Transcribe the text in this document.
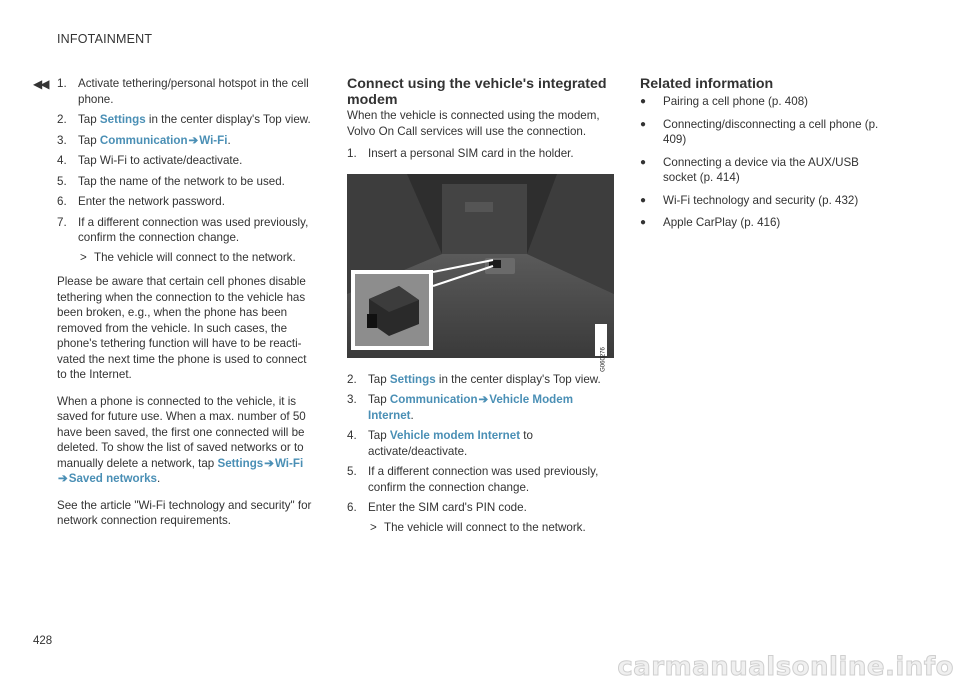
INFOTAINMENT
◀◀ 1. Activate tethering/personal hotspot in the cell phone.
2. Tap Settings in the center display's Top view.
3. Tap Communication➔Wi-Fi.
4. Tap Wi-Fi to activate/deactivate.
5. Tap the name of the network to be used.
6. Enter the network password.
7. If a different connection was used previously, confirm the connection change.
> The vehicle will connect to the network.

Please be aware that certain cell phones disable tethering when the connection to the vehicle has been broken, e.g., when the phone has been removed from the vehicle. In such cases, the phone's tethering function will have to be reacti-vated the next time the phone is used to connect to the Internet.

When a phone is connected to the vehicle, it is saved for future use. When a max. number of 50 have been saved, the first one connected will be deleted. To show the list of saved networks or to manually delete a network, tap Settings➔Wi-Fi
➔Saved networks.

See the article "Wi-Fi technology and security" for network connection requirements.

Connect using the vehicle's integrated modem

When the vehicle is connected using the modem, Volvo On Call services will use the connection.

1. Insert a personal SIM card in the holder.
G060276
2. Tap Settings in the center display's Top view.
3. Tap Communication➔Vehicle Modem Internet.
4. Tap Vehicle modem Internet to activate/deactivate.
5. If a different connection was used previously, confirm the connection change.
6. Enter the SIM card's PIN code.
> The vehicle will connect to the network.
Related information
●	Pairing a cell phone (p. 408)
●	Connecting/disconnecting a cell phone (p. 409)
●	Connecting a device via the AUX/USB socket (p. 414)
●	Wi-Fi technology and security (p. 432)
●	Apple CarPlay (p. 416)
428
carmanualsonline.info
